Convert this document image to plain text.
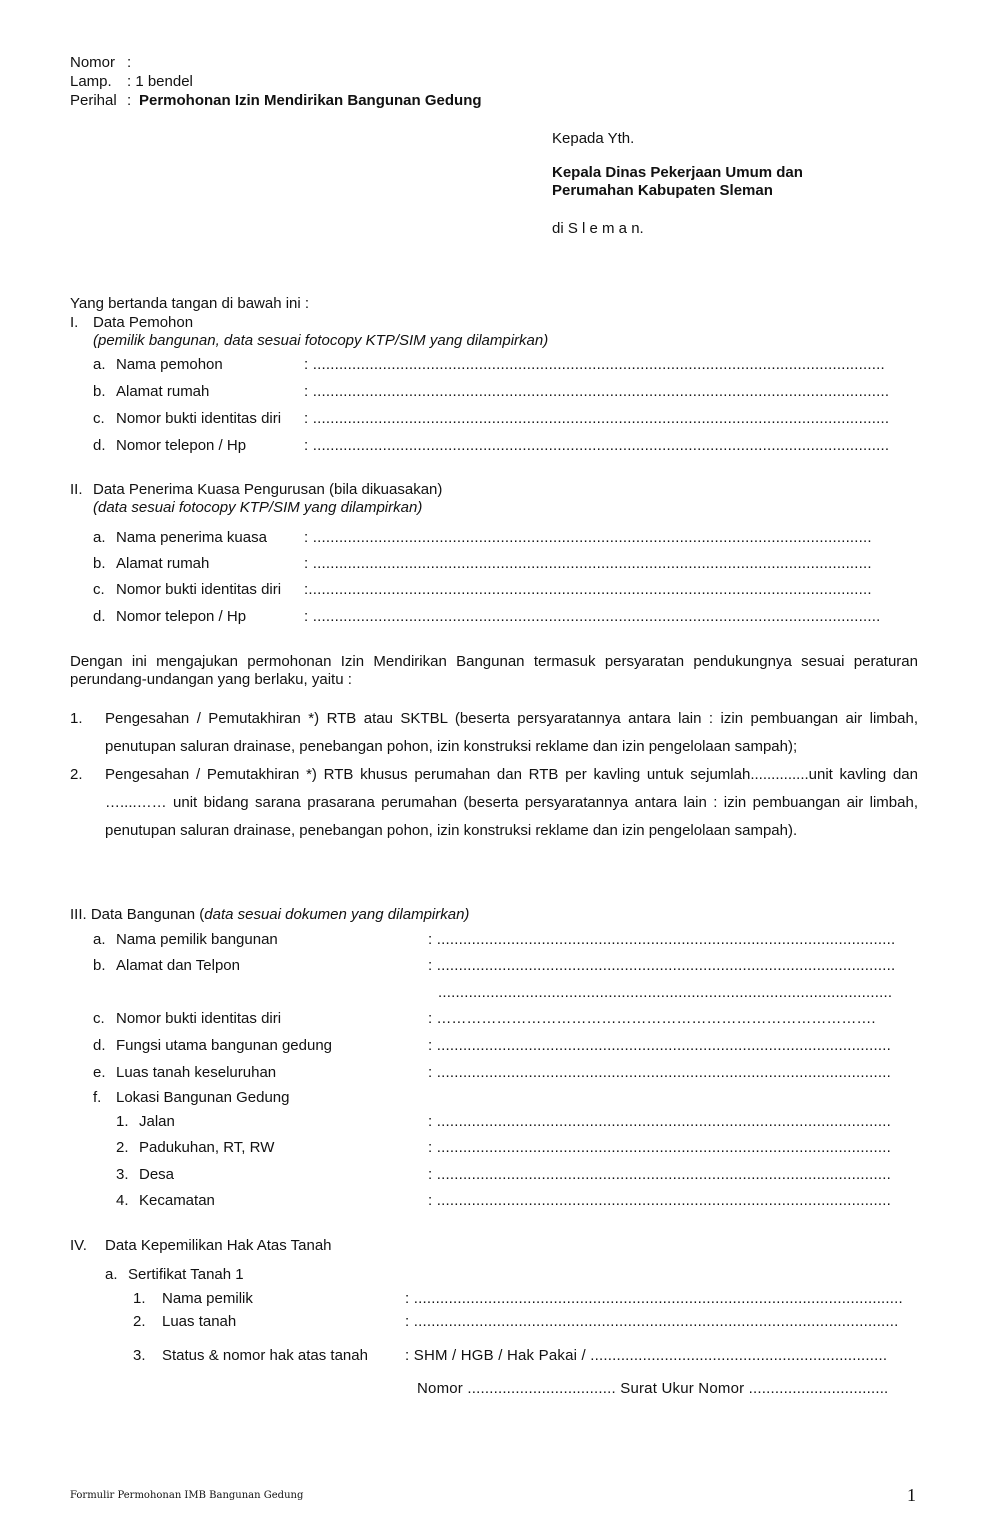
Nomor :
Lamp. : 1 bendel
Perihal : Permohonan Izin Mendirikan Bangunan Gedung
Kepada Yth.
Kepala Dinas Pekerjaan Umum dan
Perumahan Kabupaten Sleman
di S l e m a n.
Yang bertanda tangan di bawah ini :
I. Data Pemohon
(pemilik bangunan, data sesuai fotocopy KTP/SIM yang dilampirkan)
a. Nama pemohon	: ...................................................................................................................................
b. Alamat rumah	: ....................................................................................................................................
c. Nomor bukti identitas diri : ....................................................................................................................................
d. Nomor telepon / Hp	: ....................................................................................................................................
II. Data Penerima Kuasa Pengurusan (bila dikuasakan)
(data sesuai fotocopy KTP/SIM yang dilampirkan)
a. Nama penerima kuasa : ................................................................................................................................
b. Alamat rumah	: ................................................................................................................................
c. Nomor bukti identitas diri :.................................................................................................................................
d. Nomor telepon / Hp	: ..................................................................................................................................
Dengan ini mengajukan permohonan Izin Mendirikan Bangunan termasuk persyaratan pendukungnya sesuai peraturan perundang-undangan yang berlaku, yaitu :
1. Pengesahan / Pemutakhiran *) RTB atau SKTBL (beserta persyaratannya antara lain : izin pembuangan air limbah, penutupan saluran drainase, penebangan pohon, izin konstruksi reklame dan izin pengelolaan sampah);
2. Pengesahan / Pemutakhiran *) RTB khusus perumahan dan RTB per kavling untuk sejumlah..............unit kavling dan …....…… unit bidang sarana prasarana perumahan (beserta persyaratannya antara lain : izin pembuangan air limbah, penutupan saluran drainase, penebangan pohon, izin konstruksi reklame dan izin pengelolaan sampah).
III. Data Bangunan (data sesuai dokumen yang dilampirkan)
a. Nama pemilik bangunan	: .........................................................................................................
b. Alamat dan Telpon	: .........................................................................................................
........................................................................................................
c. Nomor bukti identitas diri	: …………………………………………………………………………….
d. Fungsi utama bangunan gedung	: ........................................................................................................
e. Luas tanah keseluruhan	: ........................................................................................................
f. Lokasi Bangunan Gedung
1. Jalan	: ........................................................................................................
2. Padukuhan, RT, RW	: ........................................................................................................
3. Desa	: ........................................................................................................
4. Kecamatan	: ........................................................................................................
IV. Data Kepemilikan Hak Atas Tanah
a. Sertifikat Tanah 1
1. Nama pemilik	: ................................................................................................................
2. Luas tanah	: ...............................................................................................................
3. Status & nomor hak atas tanah : SHM / HGB / Hak Pakai / ....................................................................
Nomor .................................. Surat Ukur Nomor ................................
Formulir Permohonan IMB Bangunan Gedung	1
